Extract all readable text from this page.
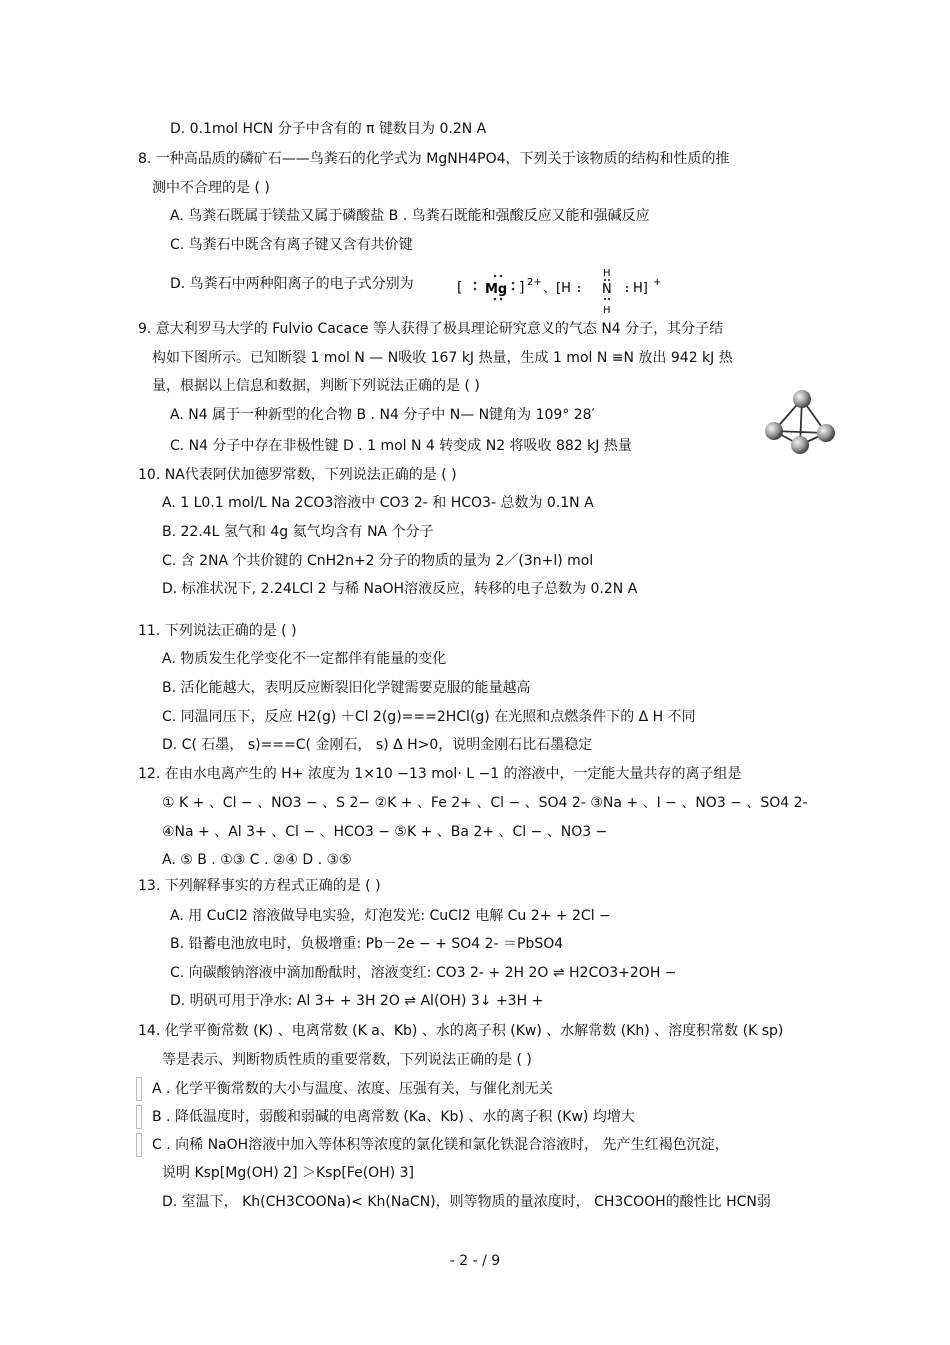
D. 0.1mol HCN 分子中含有的 π 键数目为 0.2N A
8. 一种高品质的磷矿石——鸟粪石的化学式为 MgNH4PO4，下列关于该物质的结构和性质的推
测中不合理的是 ( )
A. 鸟粪石既属于镁盐又属于磷酸盐 B . 鸟粪石既能和强酸反应又能和强碱反应
C. 鸟粪石中既含有离子键又含有共价键
D. 鸟粪石中两种阳离子的电子式分别为
9. 意大利罗马大学的 Fulvio Cacace 等人获得了极具理论研究意义的气态 N4 分子，其分子结
构如下图所示。已知断裂 1 mol N — N吸收 167 kJ 热量，生成 1 mol N ≡N 放出 942 kJ 热
量，根据以上信息和数据，判断下列说法正确的是 ( )
A. N4 属于一种新型的化合物 B . N4 分子中 N— N键角为 109° 28′
C. N4 分子中存在非极性键 D . 1 mol N 4 转变成 N2 将吸收 882 kJ 热量
10. NA代表阿伏加德罗常数，下列说法正确的是 ( )
A. 1 L0.1 mol/L Na 2CO3溶液中 CO3 2- 和 HCO3- 总数为 0.1N A
B. 22.4L 氢气和 4g 氦气均含有 NA 个分子
C. 含 2NA 个共价键的 CnH2n+2 分子的物质的量为 2／(3n+l) mol
D. 标准状况下, 2.24LCl 2 与稀 NaOH溶液反应，转移的电子总数为 0.2N A
11. 下列说法正确的是 ( )
A. 物质发生化学变化不一定都伴有能量的变化
B. 活化能越大，表明反应断裂旧化学键需要克服的能量越高
C. 同温同压下，反应 H2(g) ＋Cl 2(g)===2HCl(g) 在光照和点燃条件下的 Δ H 不同
D. C( 石墨， s)===C( 金刚石， s) Δ H>0，说明金刚石比石墨稳定
12. 在由水电离产生的 H+ 浓度为 1×10 −13 mol· L −1 的溶液中，一定能大量共存的离子组是
① K + 、Cl − 、NO3 − 、S 2− ②K + 、Fe 2+ 、Cl − 、SO4 2- ③Na + 、I − 、NO3 − 、SO4 2-
④Na + 、Al 3+ 、Cl − 、HCO3 − ⑤K + 、Ba 2+ 、Cl − 、NO3 −
A. ⑤ B . ①③ C . ②④ D . ③⑤
13. 下列解释事实的方程式正确的是 ( )
A. 用 CuCl2 溶液做导电实验，灯泡发光: CuCl2 电解 Cu 2+ + 2Cl −
B. 铅蓄电池放电时，负极增重: Pb－2e − + SO4 2- ＝PbSO4
C. 向碳酸钠溶液中滴加酚酞时，溶液变红: CO3 2- + 2H 2O ⇌ H2CO3+2OH −
D. 明矾可用于净水: Al 3+ + 3H 2O ⇌ Al(OH) 3↓ +3H +
14. 化学平衡常数 (K) 、电离常数 (K a、Kb) 、水的离子积 (Kw) 、水解常数 (Kh) 、溶度积常数 (K sp)
等是表示、判断物质性质的重要常数，下列说法正确的是 ( )
A . 化学平衡常数的大小与温度、浓度、压强有关，与催化剂无关
B . 降低温度时，弱酸和弱碱的电离常数 (Ka、Kb) 、水的离子积 (Kw) 均增大
C . 向稀 NaOH溶液中加入等体积等浓度的氯化镁和氯化铁混合溶液时， 先产生红褐色沉淀，
说明 Ksp[Mg(OH) 2] ＞Ksp[Fe(OH) 3]
D. 室温下， Kh(CH3COONa)< Kh(NaCN)，则等物质的量浓度时， CH3COOH的酸性比 HCN弱
[ Mg ] 2+ 、[H
H
N
H
H] +
- 2 - / 9
